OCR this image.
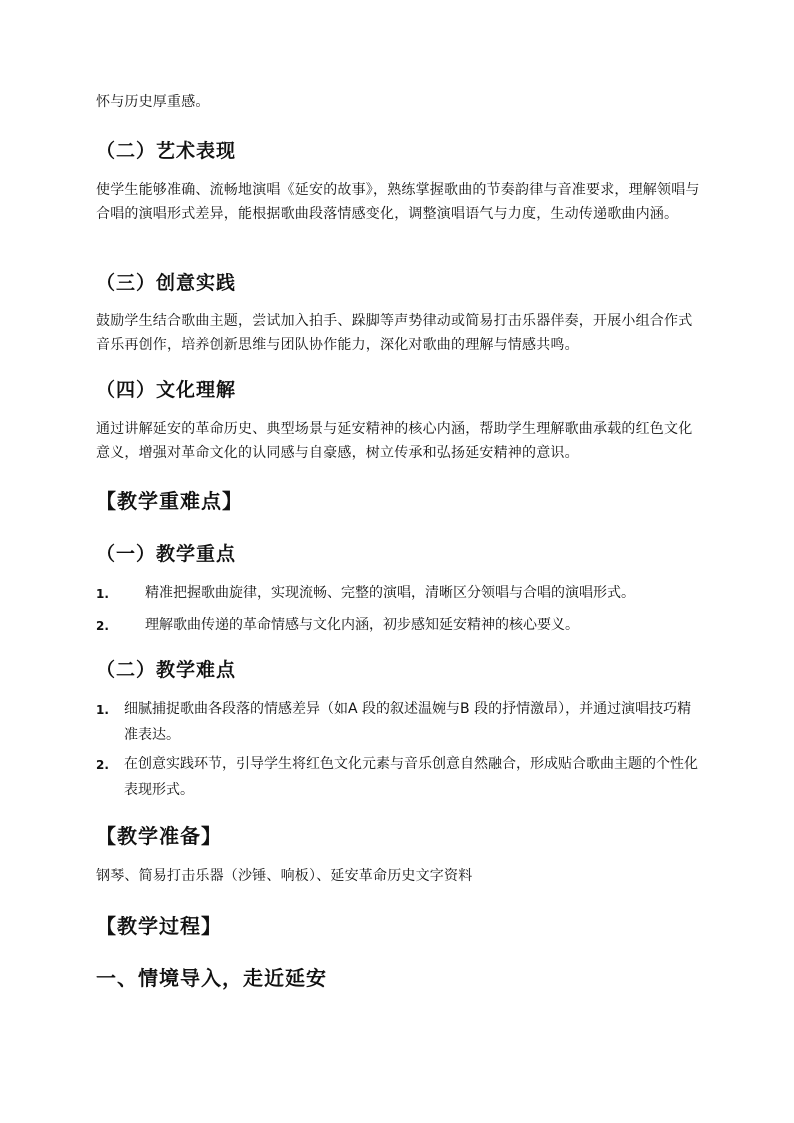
怀与历史厚重感。

（二）艺术表现

使学生能够准确、流畅地演唱《延安的故事》，熟练掌握歌曲的节奏韵律与音准要求，理解领唱与合唱的演唱形式差异，能根据歌曲段落情感变化，调整演唱语气与力度，生动传递歌曲内涵。

（三）创意实践

鼓励学生结合歌曲主题，尝试加入拍手、跺脚等声势律动或简易打击乐器伴奏，开展小组合作式音乐再创作，培养创新思维与团队协作能力，深化对歌曲的理解与情感共鸣。

（四）文化理解

通过讲解延安的革命历史、典型场景与延安精神的核心内涵，帮助学生理解歌曲承载的红色文化意义，增强对革命文化的认同感与自豪感，树立传承和弘扬延安精神的意识。

【教学重难点】
（一）教学重点
1.	精准把握歌曲旋律，实现流畅、完整的演唱，清晰区分领唱与合唱的演唱形式。
2.	理解歌曲传递的革命情感与文化内涵，初步感知延安精神的核心要义。
（二）教学难点
1. 细腻捕捉歌曲各段落的情感差异（如A 段的叙述温婉与B 段的抒情激昂），并通过演唱技巧精准表达。
2. 在创意实践环节，引导学生将红色文化元素与音乐创意自然融合，形成贴合歌曲主题的个性化表现形式。
【教学准备】

钢琴、简易打击乐器（沙锤、响板）、延安革命历史文字资料

【教学过程】
一、情境导入，走近延安
